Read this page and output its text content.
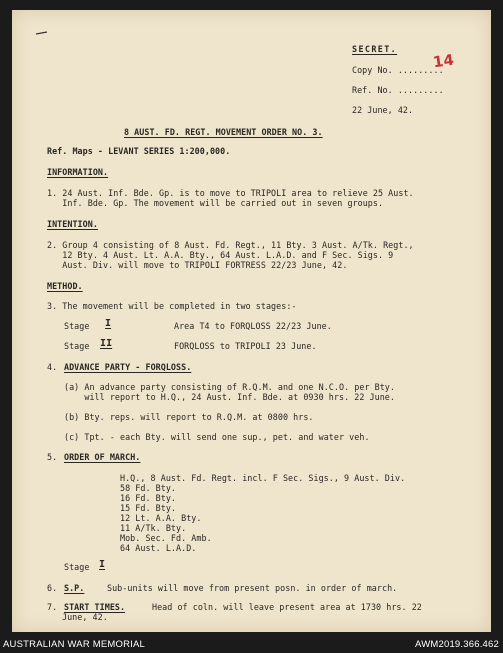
SECRET.
14
Copy No. .........
Ref. No. .........
22 June, 42.
8 AUST. FD. REGT. MOVEMENT ORDER NO. 3.
Ref. Maps - LEVANT SERIES 1:200,000.
INFORMATION.
1. 24 Aust. Inf. Bde. Gp. is to move to TRIPOLI area to relieve 25 Aust.
Inf. Bde. Gp. The movement will be carried out in seven groups.
INTENTION.
2. Group 4 consisting of 8 Aust. Fd. Regt., 11 Bty. 3 Aust. A/Tk. Regt.,
12 Bty. 4 Aust. Lt. A.A. Bty., 64 Aust. L.A.D. and F Sec. Sigs. 9
Aust. Div. will move to TRIPOLI FORTRESS 22/23 June, 42.
METHOD.
3. The movement will be completed in two stages:-
Stage I	Area T4 to FORQLOSS 22/23 June.
Stage II	FORQLOSS to TRIPOLI 23 June.
4. ADVANCE PARTY - FORQLOSS.
(a) An advance party consisting of R.Q.M. and one N.C.O. per Bty.
will report to H.Q., 24 Aust. Inf. Bde. at 0930 hrs. 22 June.
(b) Bty. reps. will report to R.Q.M. at 0800 hrs.
(c) Tpt. - each Bty. will send one sup., pet. and water veh.
5. ORDER OF MARCH.
H.Q., 8 Aust. Fd. Regt. incl. F Sec. Sigs., 9 Aust. Div.
58 Fd. Bty.
16 Fd. Bty.
15 Fd. Bty.
12 Lt. A.A. Bty.
11 A/Tk. Bty.
Mob. Sec. Fd. Amb.
64 Aust. L.A.D.
Stage I
6. S.P.	Sub-units will move from present posn. in order of march.
7. START TIMES.	Head of coln. will leave present area at 1730 hrs. 22
June, 42.
AUSTRALIAN WAR MEMORIAL	AWM2019.366.462
